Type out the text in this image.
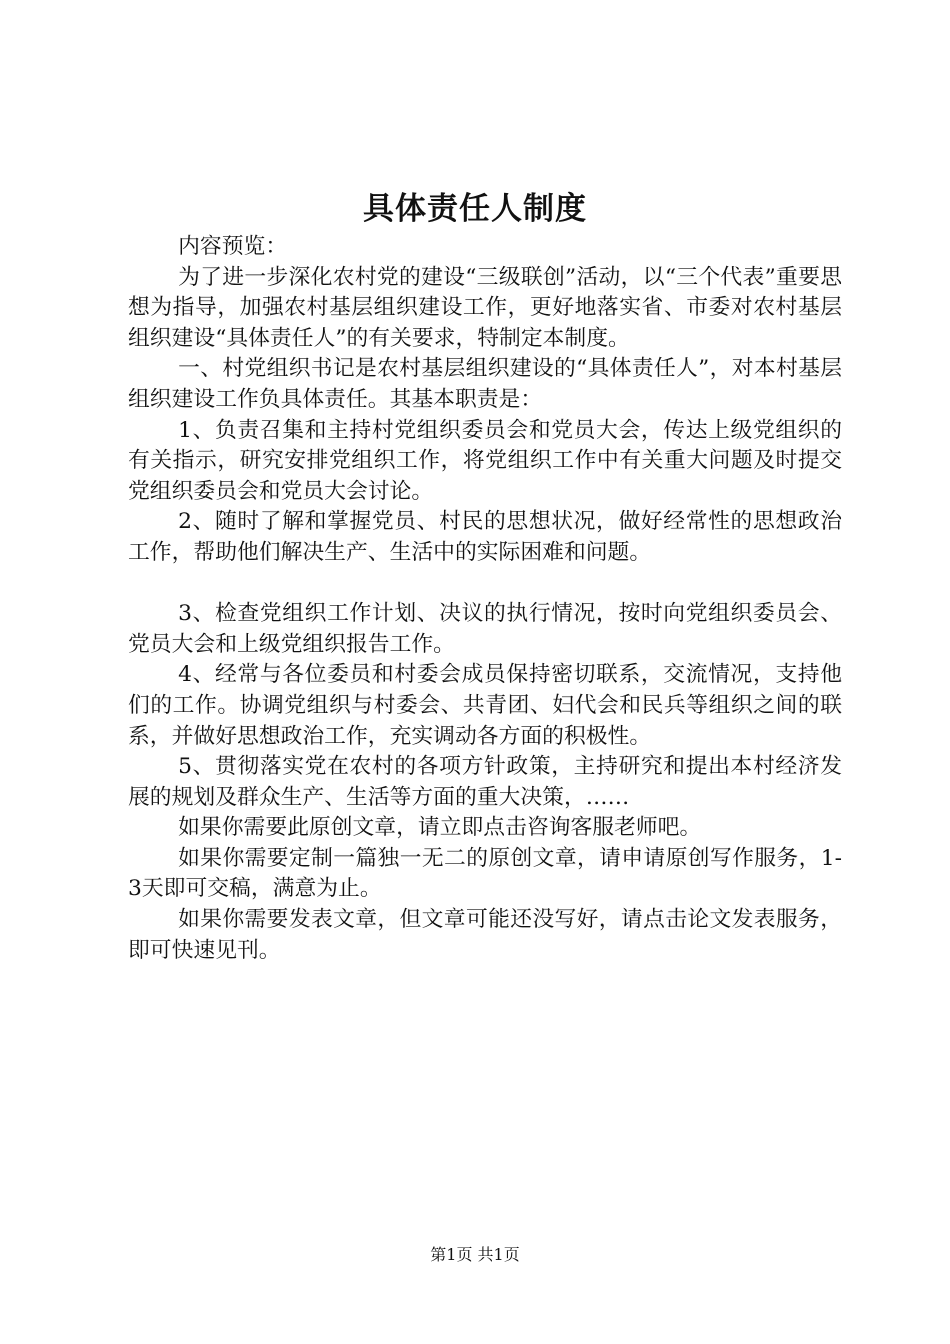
具体责任人制度

内容预览：

为了进一步深化农村党的建设“三级联创”活动，以“三个代表”重要思想为指导，加强农村基层组织建设工作，更好地落实省、市委对农村基层组织建设“具体责任人”的有关要求，特制定本制度。

一、村党组织书记是农村基层组织建设的“具体责任人”，对本村基层组织建设工作负具体责任。其基本职责是：

1、负责召集和主持村党组织委员会和党员大会，传达上级党组织的有关指示，研究安排党组织工作，将党组织工作中有关重大问题及时提交党组织委员会和党员大会讨论。

2、随时了解和掌握党员、村民的思想状况，做好经常性的思想政治工作，帮助他们解决生产、生活中的实际困难和问题。

3、检查党组织工作计划、决议的执行情况，按时向党组织委员会、党员大会和上级党组织报告工作。

4、经常与各位委员和村委会成员保持密切联系，交流情况，支持他们的工作。协调党组织与村委会、共青团、妇代会和民兵等组织之间的联系，并做好思想政治工作，充实调动各方面的积极性。

5、贯彻落实党在农村的各项方针政策，主持研究和提出本村经济发展的规划及群众生产、生活等方面的重大决策，……

如果你需要此原创文章，请立即点击咨询客服老师吧。

如果你需要定制一篇独一无二的原创文章，请申请原创写作服务，1-3天即可交稿，满意为止。

如果你需要发表文章，但文章可能还没写好，请点击论文发表服务，即可快速见刊。

第1页 共1页
